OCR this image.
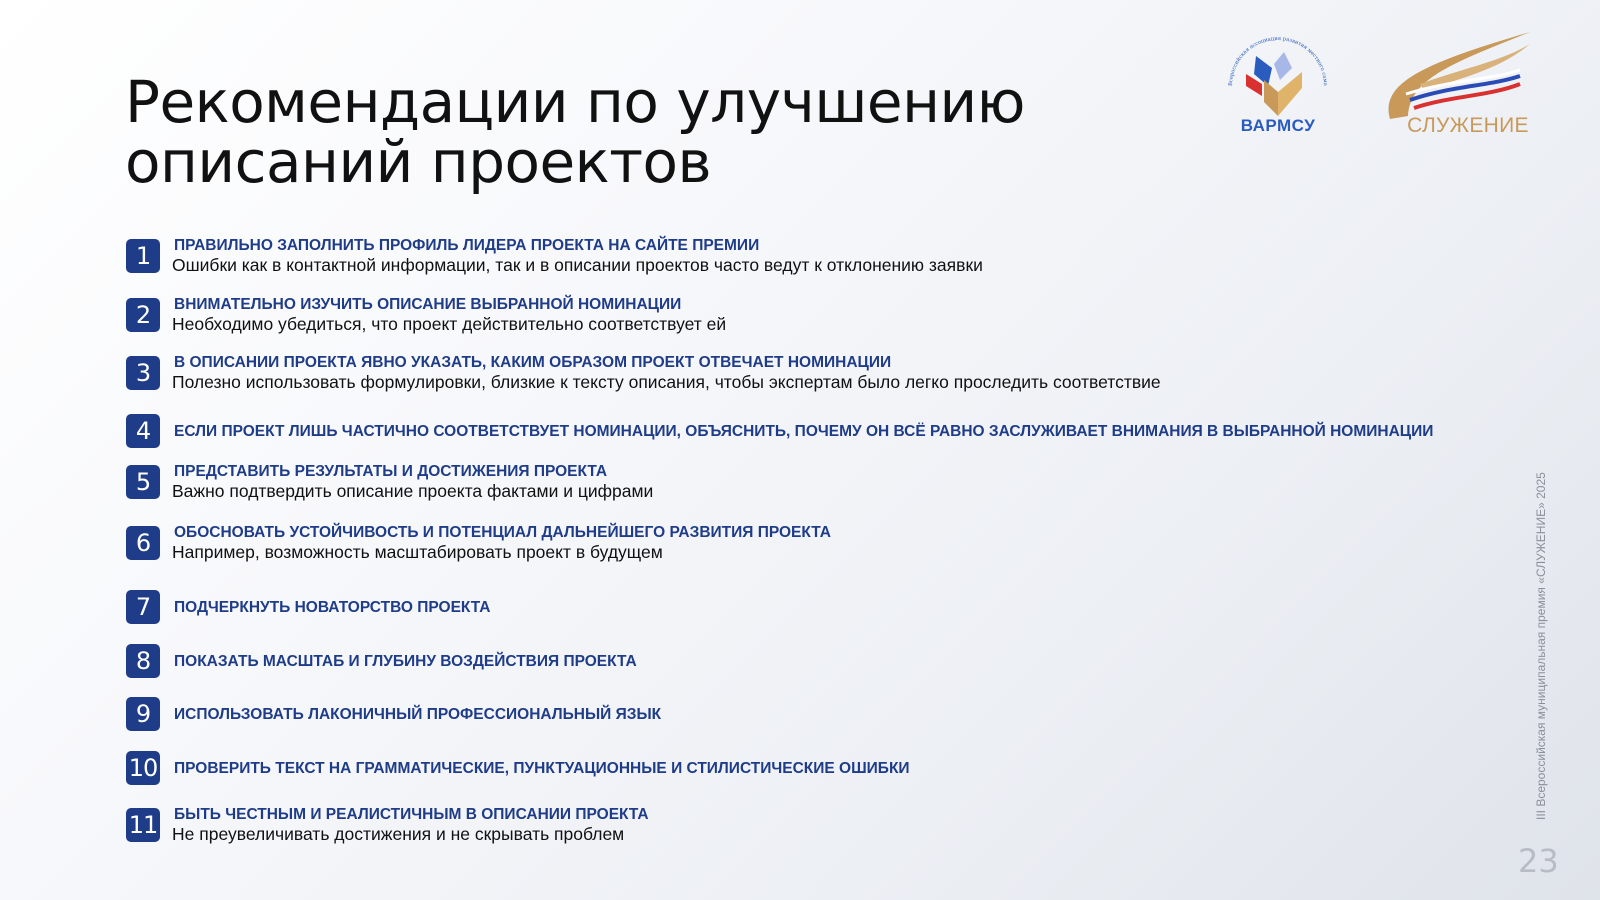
Рекомендации по улучшению
описаний проектов
Всероссийская ассоциация развития местного само
ВАРМСУ	СЛУЖЕНИЕ
1	ПРАВИЛЬНО ЗАПОЛНИТЬ ПРОФИЛЬ ЛИДЕРА ПРОЕКТА НА САЙТЕ ПРЕМИИ
Ошибки как в контактной информации, так и в описании проектов часто ведут к отклонению заявки
2	ВНИМАТЕЛЬНО ИЗУЧИТЬ ОПИСАНИЕ ВЫБРАННОЙ НОМИНАЦИИ
Необходимо убедиться, что проект действительно соответствует ей
3	В ОПИСАНИИ ПРОЕКТА ЯВНО УКАЗАТЬ, КАКИМ ОБРАЗОМ ПРОЕКТ ОТВЕЧАЕТ НОМИНАЦИИ
Полезно использовать формулировки, близкие к тексту описания, чтобы экспертам было легко проследить соответствие
4	ЕСЛИ ПРОЕКТ ЛИШЬ ЧАСТИЧНО СООТВЕТСТВУЕТ НОМИНАЦИИ, ОБЪЯСНИТЬ, ПОЧЕМУ ОН ВСЁ РАВНО ЗАСЛУЖИВАЕТ ВНИМАНИЯ В ВЫБРАННОЙ НОМИНАЦИИ
5	ПРЕДСТАВИТЬ РЕЗУЛЬТАТЫ И ДОСТИЖЕНИЯ ПРОЕКТА
Важно подтвердить описание проекта фактами и цифрами
6	ОБОСНОВАТЬ УСТОЙЧИВОСТЬ И ПОТЕНЦИАЛ ДАЛЬНЕЙШЕГО РАЗВИТИЯ ПРОЕКТА
Например, возможность масштабировать проект в будущем
7	ПОДЧЕРКНУТЬ НОВАТОРСТВО ПРОЕКТА
8	ПОКАЗАТЬ МАСШТАБ И ГЛУБИНУ ВОЗДЕЙСТВИЯ ПРОЕКТА
9	ИСПОЛЬЗОВАТЬ ЛАКОНИЧНЫЙ ПРОФЕССИОНАЛЬНЫЙ ЯЗЫК
10 ПРОВЕРИТЬ ТЕКСТ НА ГРАММАТИЧЕСКИЕ, ПУНКТУАЦИОННЫЕ И СТИЛИСТИЧЕСКИЕ ОШИБКИ
11 БЫТЬ ЧЕСТНЫМ И РЕАЛИСТИЧНЫМ В ОПИСАНИИ ПРОЕКТА
Не преувеличивать достижения и не скрывать проблем
III Всероссийская муниципальная премия «СЛУЖЕНИЕ» 2025
23
